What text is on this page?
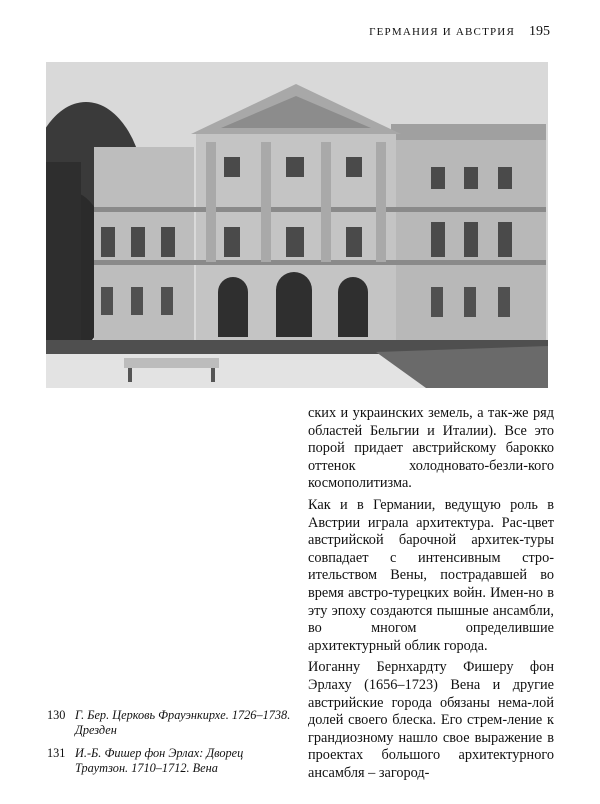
ГЕРМАНИЯ И АВСТРИЯ 195

ских и украинских земель, а так-же ряд областей Бельгии и Италии). Все это порой придает австрийскому барокко оттенок холодновато-безли-кого космополитизма.

Как и в Германии, ведущую роль в Австрии играла архитектура. Рас-цвет австрийской барочной архитек-туры совпадает с интенсивным стро-ительством Вены, пострадавшей во время австро-турецких войн. Имен-но в эту эпоху создаются пышные ансамбли, во многом определившие архитектурный облик города.

Иоганну Бернхардту Фишеру фон Эрлаху (1656–1723) Вена и другие австрийские города обязаны нема-лой долей своего блеска. Его стрем-ление к грандиозному нашло свое выражение в проектах большого архитектурного ансамбля – загород-

130 Г. Бер. Церковь Фрауэнкирхе. 1726–1738. Дрезден
131 И.-Б. Фишер фон Эрлах: Дворец Траутзон. 1710–1712. Вена
